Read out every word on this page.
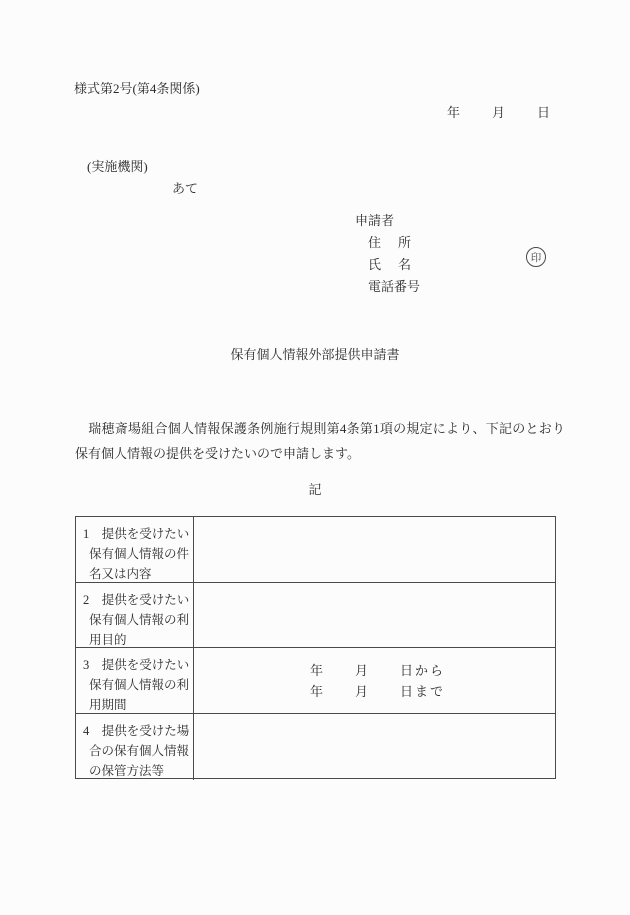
様式第2号(第4条関係)
年　　月　　日
(実施機関)
あて
申請者
住　所
氏　名	印
電話番号
保有個人情報外部提供申請書
　瑞穂斎場組合個人情報保護条例施行規則第4条第1項の規定により、下記のとおり保有個人情報の提供を受けたいので申請します。
記
1　提供を受けたい保有個人情報の件名又は内容
2　提供を受けたい保有個人情報の利用目的
3　提供を受けたい保有個人情報の利用期間
年　　月　　日から
年　　月　　日まで
4　提供を受けた場合の保有個人情報の保管方法等
